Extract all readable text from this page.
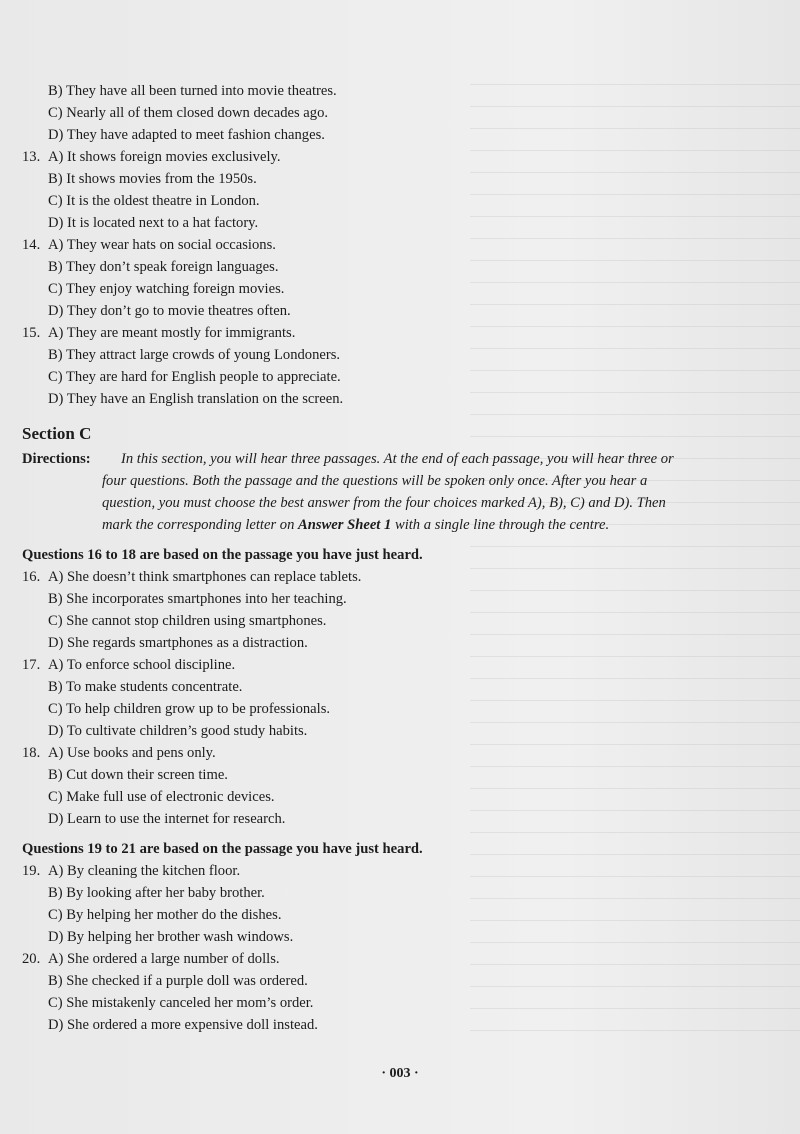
B) They have all been turned into movie theatres.
C) Nearly all of them closed down decades ago.
D) They have adapted to meet fashion changes.
13. A) It shows foreign movies exclusively.
B) It shows movies from the 1950s.
C) It is the oldest theatre in London.
D) It is located next to a hat factory.
14. A) They wear hats on social occasions.
B) They don’t speak foreign languages.
C) They enjoy watching foreign movies.
D) They don’t go to movie theatres often.
15. A) They are meant mostly for immigrants.
B) They attract large crowds of young Londoners.
C) They are hard for English people to appreciate.
D) They have an English translation on the screen.
Section C
Directions:	In this section, you will hear three passages. At the end of each passage, you will hear three or
four questions. Both the passage and the questions will be spoken only once. After you hear a
question, you must choose the best answer from the four choices marked A), B), C) and D). Then
mark the corresponding letter on Answer Sheet 1 with a single line through the centre.
Questions 16 to 18 are based on the passage you have just heard.
16. A) She doesn’t think smartphones can replace tablets.
B) She incorporates smartphones into her teaching.
C) She cannot stop children using smartphones.
D) She regards smartphones as a distraction.
17. A) To enforce school discipline.
B) To make students concentrate.
C) To help children grow up to be professionals.
D) To cultivate children’s good study habits.
18. A) Use books and pens only.
B) Cut down their screen time.
C) Make full use of electronic devices.
D) Learn to use the internet for research.
Questions 19 to 21 are based on the passage you have just heard.
19. A) By cleaning the kitchen floor.
B) By looking after her baby brother.
C) By helping her mother do the dishes.
D) By helping her brother wash windows.
20. A) She ordered a large number of dolls.
B) She checked if a purple doll was ordered.
C) She mistakenly canceled her mom’s order.
D) She ordered a more expensive doll instead.
· 003 ·
